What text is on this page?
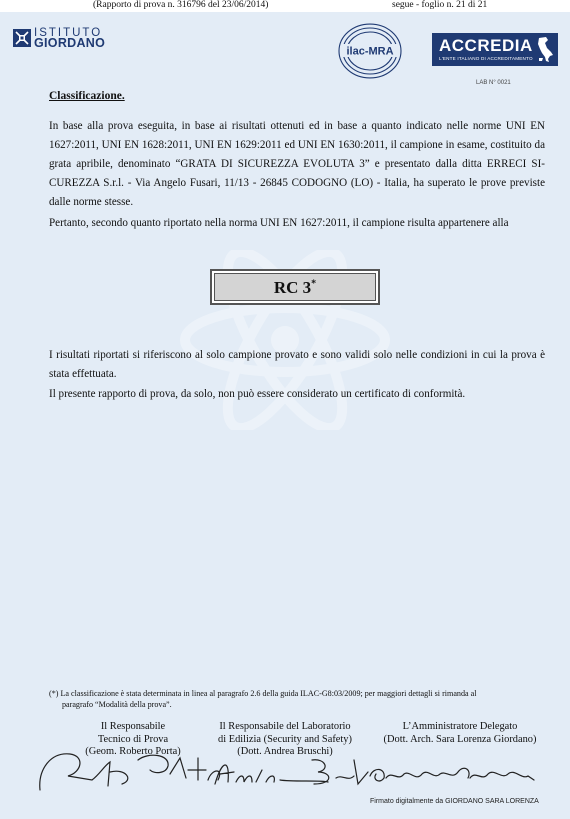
(Rapporto di prova n. 316796 del 23/06/2014)	segue - foglio n. 21 di 21
ISTITUTO
GIORDANO
ilac-MRA	ACCREDIA
L'ENTE ITALIANO DI ACCREDITAMENTO
LAB N° 0021
Classificazione.
In base alla prova eseguita, in base ai risultati ottenuti ed in base a quanto indicato nelle norme UNI EN 1627:2011, UNI EN 1628:2011, UNI EN 1629:2011 ed UNI EN 1630:2011, il campione in esame, costituito da grata apribile, denominato “GRATA DI SICUREZZA EVOLUTA 3” e presentato dalla ditta ERRECI SI-CUREZZA S.r.l. - Via Angelo Fusari, 11/13 - 26845 CODOGNO (LO) - Italia, ha superato le prove previste dalle norme stesse.
Pertanto, secondo quanto riportato nella norma UNI EN 1627:2011, il campione risulta appartenere alla
RC 3*
I risultati riportati si riferiscono al solo campione provato e sono validi solo nelle condizioni in cui la prova è stata effettuata.
Il presente rapporto di prova, da solo, non può essere considerato un certificato di conformità.
(*) La classificazione è stata determinata in linea al paragrafo 2.6 della guida ILAC-G8:03/2009; per maggiori dettagli si rimanda al
paragrafo “Modalità della prova”.
Il Responsabile
Tecnico di Prova
(Geom. Roberto Porta)
Il Responsabile del Laboratorio
di Edilizia (Security and Safety)
(Dott. Andrea Bruschi)
L’Amministratore Delegato
(Dott. Arch. Sara Lorenza Giordano)
Firmato digitalmente da GIORDANO SARA LORENZA
